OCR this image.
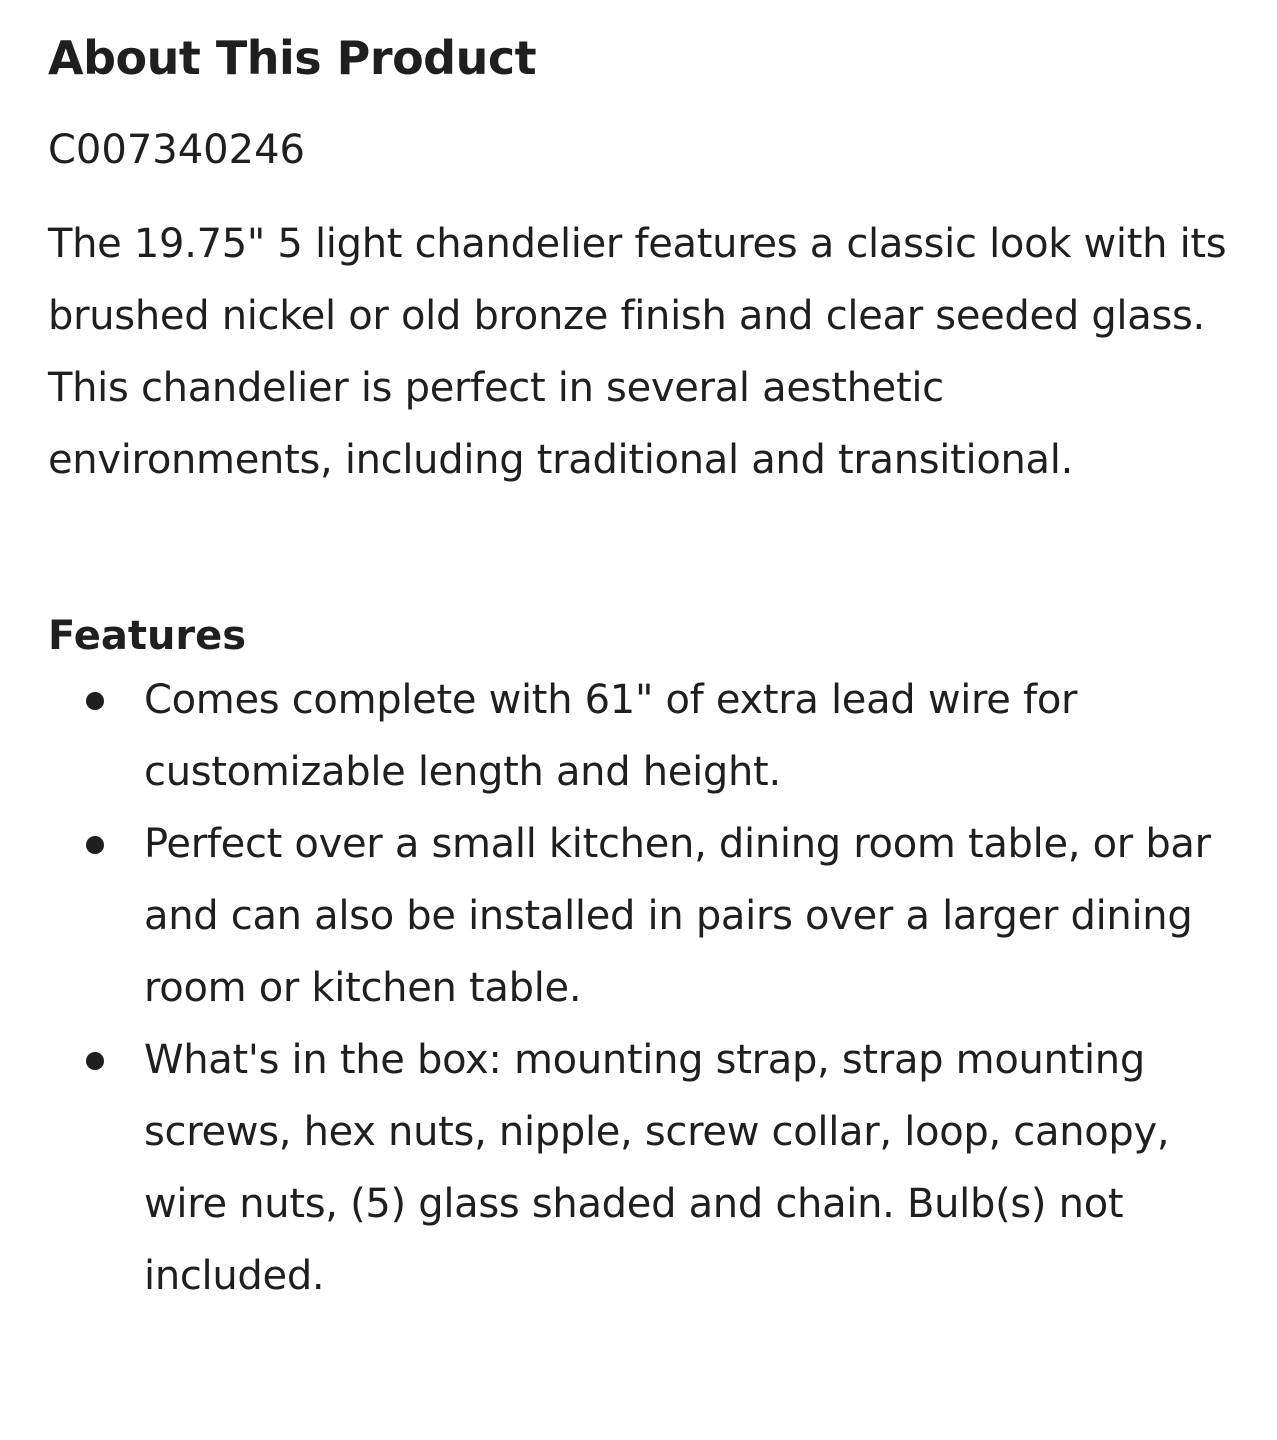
About This Product
C007340246

The 19.75" 5 light chandelier features a classic look with its brushed nickel or old bronze finish and clear seeded glass. This chandelier is perfect in several aesthetic environments, including traditional and transitional.

Features
Comes complete with 61" of extra lead wire for customizable length and height.
Perfect over a small kitchen, dining room table, or bar and can also be installed in pairs over a larger dining room or kitchen table.
What's in the box: mounting strap, strap mounting screws, hex nuts, nipple, screw collar, loop, canopy, wire nuts, (5) glass shaded and chain. Bulb(s) not included.
